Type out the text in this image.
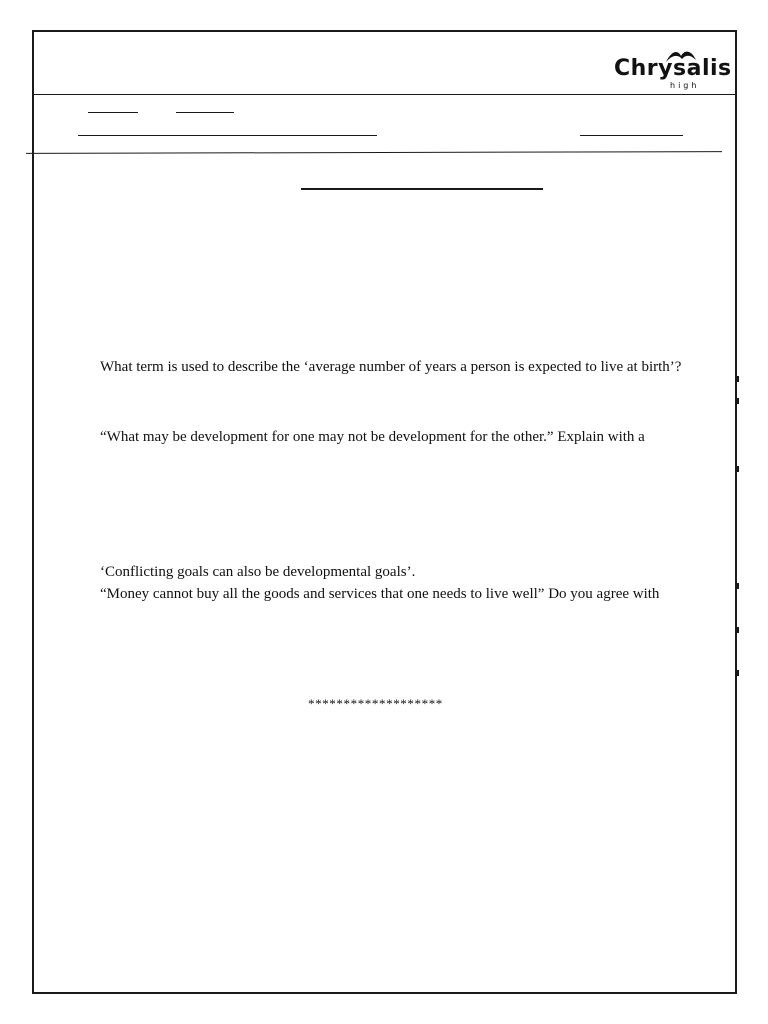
Chrysalis
high

What term is used to describe the ‘average number of years a person is expected to live at birth’?

“What may be development for one may not be development for the other.” Explain with a

‘Conflicting goals can also be developmental goals’.

“Money cannot buy all the goods and services that one needs to live well” Do you agree with

*******************
